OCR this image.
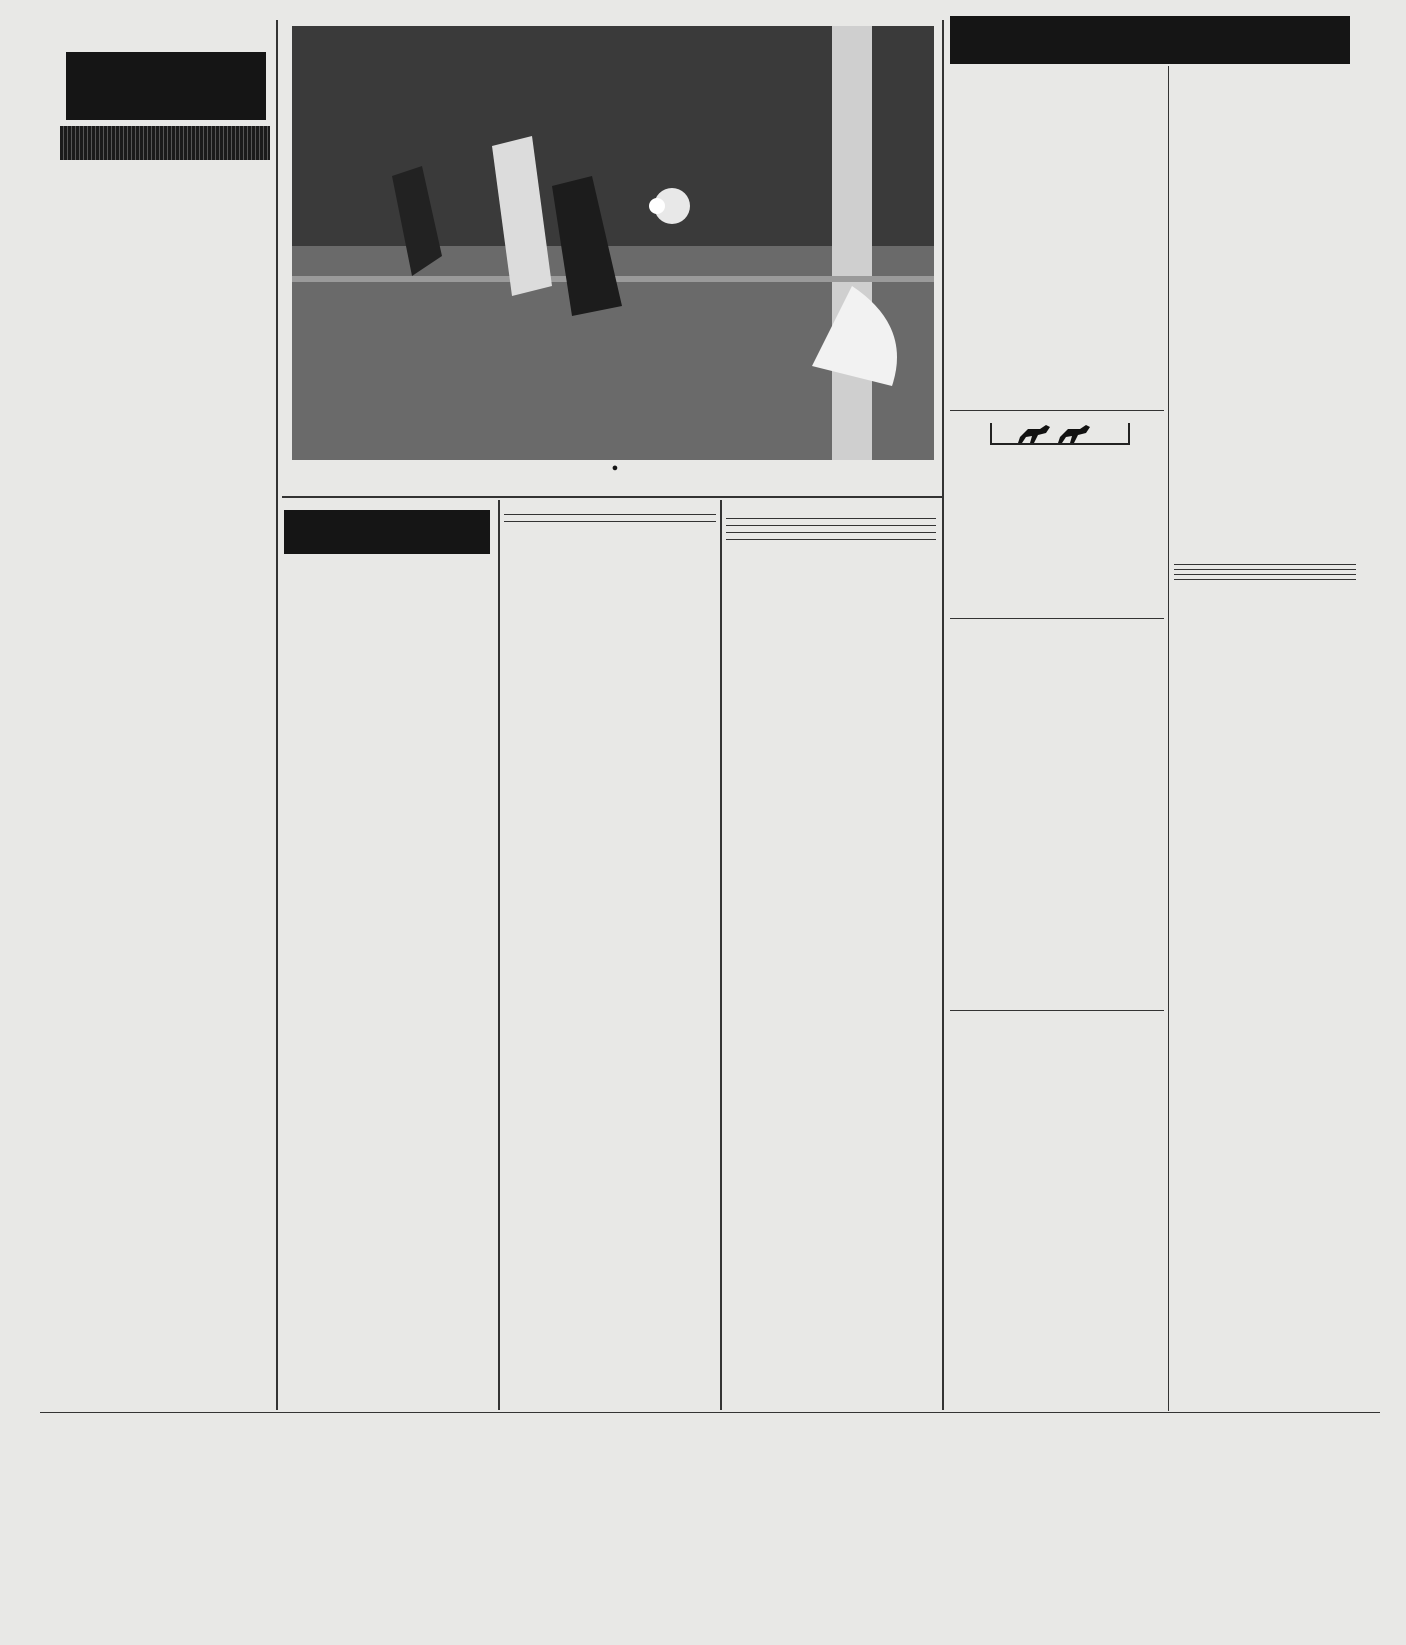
●
